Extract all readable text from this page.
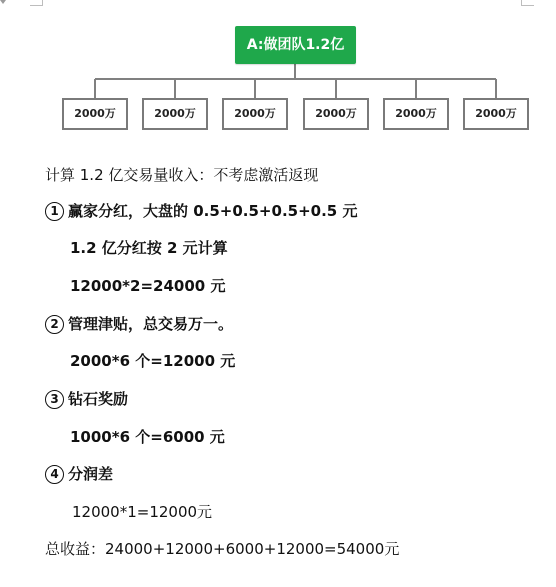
A:做团队1.2亿
2000万	2000万	2000万	2000万	2000万	2000万
计算 1.2 亿交易量收入：不考虑激活返现
1 赢家分红，大盘的 0.5+0.5+0.5+0.5 元
1.2 亿分红按 2 元计算
12000*2=24000 元
2 管理津贴，总交易万一。
2000*6 个=12000 元
3 钻石奖励
1000*6 个=6000 元
4 分润差
12000*1=12000元
总收益：24000+12000+6000+12000=54000元
